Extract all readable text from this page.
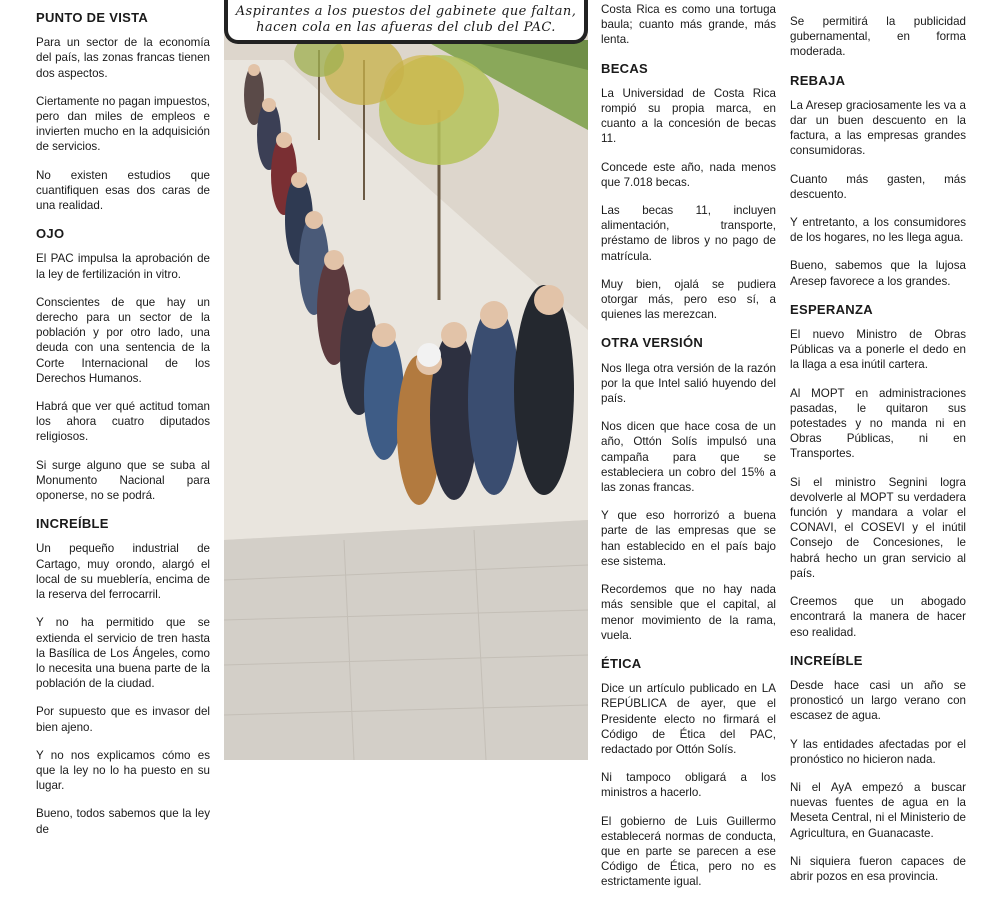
PUNTO DE VISTA

Para un sector de la economía del país, las zonas francas tienen dos aspectos.

Ciertamente no pagan impuestos, pero dan miles de empleos e invierten mucho en la adquisición de servicios.

No existen estudios que cuantifiquen esas dos caras de una realidad.

OJO

El PAC impulsa la aprobación de la ley de fertilización in vitro.

Conscientes de que hay un derecho para un sector de la población y por otro lado, una deuda con una sentencia de la Corte Internacional de los Derechos Humanos.

Habrá que ver qué actitud toman los ahora cuatro diputados religiosos.

Si surge alguno que se suba al Monumento Nacional para oponerse, no se podrá.

INCREÍBLE

Un pequeño industrial de Cartago, muy orondo, alargó el local de su mueblería, encima de la reserva del ferrocarril.

Y no ha permitido que se extienda el servicio de tren hasta la Basílica de Los Ángeles, como lo necesita una buena parte de la población de la ciudad.

Por supuesto que es invasor del bien ajeno.

Y no nos explicamos cómo es que la ley no lo ha puesto en su lugar.

Bueno, todos sabemos que la ley de

Aspirantes a los puestos del gabinete que faltan,
hacen cola en las afueras del club del PAC.

Costa Rica es como una tortuga baula; cuanto más grande, más lenta.

BECAS

La Universidad de Costa Rica rompió su propia marca, en cuanto a la concesión de becas 11.

Concede este año, nada menos que 7.018 becas.

Las becas 11, incluyen alimentación, transporte, préstamo de libros y no pago de matrícula.

Muy bien, ojalá se pudiera otorgar más, pero eso sí, a quienes las merezcan.

OTRA VERSIÓN

Nos llega otra versión de la razón por la que Intel salió huyendo del país.

Nos dicen que hace cosa de un año, Ottón Solís impulsó una campaña para que se estableciera un cobro del 15% a las zonas francas.

Y que eso horrorizó a buena parte de las empresas que se han establecido en el país bajo ese sistema.

Recordemos que no hay nada más sensible que el capital, al menor movimiento de la rama, vuela.

ÉTICA

Dice un artículo publicado en LA REPÚBLICA de ayer, que el Presidente electo no firmará el Código de Ética del PAC, redactado por Ottón Solís.

Ni tampoco obligará a los ministros a hacerlo.

El gobierno de Luis Guillermo establecerá normas de conducta, que en parte se parecen a ese Código de Ética, pero no es estrictamente igual.

Se permitirá la publicidad gubernamental, en forma moderada.

REBAJA

La Aresep graciosamente les va a dar un buen descuento en la factura, a las empresas grandes consumidoras.

Cuanto más gasten, más descuento.

Y entretanto, a los consumidores de los hogares, no les llega agua.

Bueno, sabemos que la lujosa Aresep favorece a los grandes.

ESPERANZA

El nuevo Ministro de Obras Públicas va a ponerle el dedo en la llaga a esa inútil cartera.

Al MOPT en administraciones pasadas, le quitaron sus potestades y no manda ni en Obras Públicas, ni en Transportes.

Si el ministro Segnini logra devolverle al MOPT su verdadera función y mandara a volar el CONAVI, el COSEVI y el inútil Consejo de Concesiones, le habrá hecho un gran servicio al país.

Creemos que un abogado encontrará la manera de hacer eso realidad.

INCREÍBLE

Desde hace casi un año se pronosticó un largo verano con escasez de agua.

Y las entidades afectadas por el pronóstico no hicieron nada.

Ni el AyA empezó a buscar nuevas fuentes de agua en la Meseta Central, ni el Ministerio de Agricultura, en Guanacaste.

Ni siquiera fueron capaces de abrir pozos en esa provincia.
